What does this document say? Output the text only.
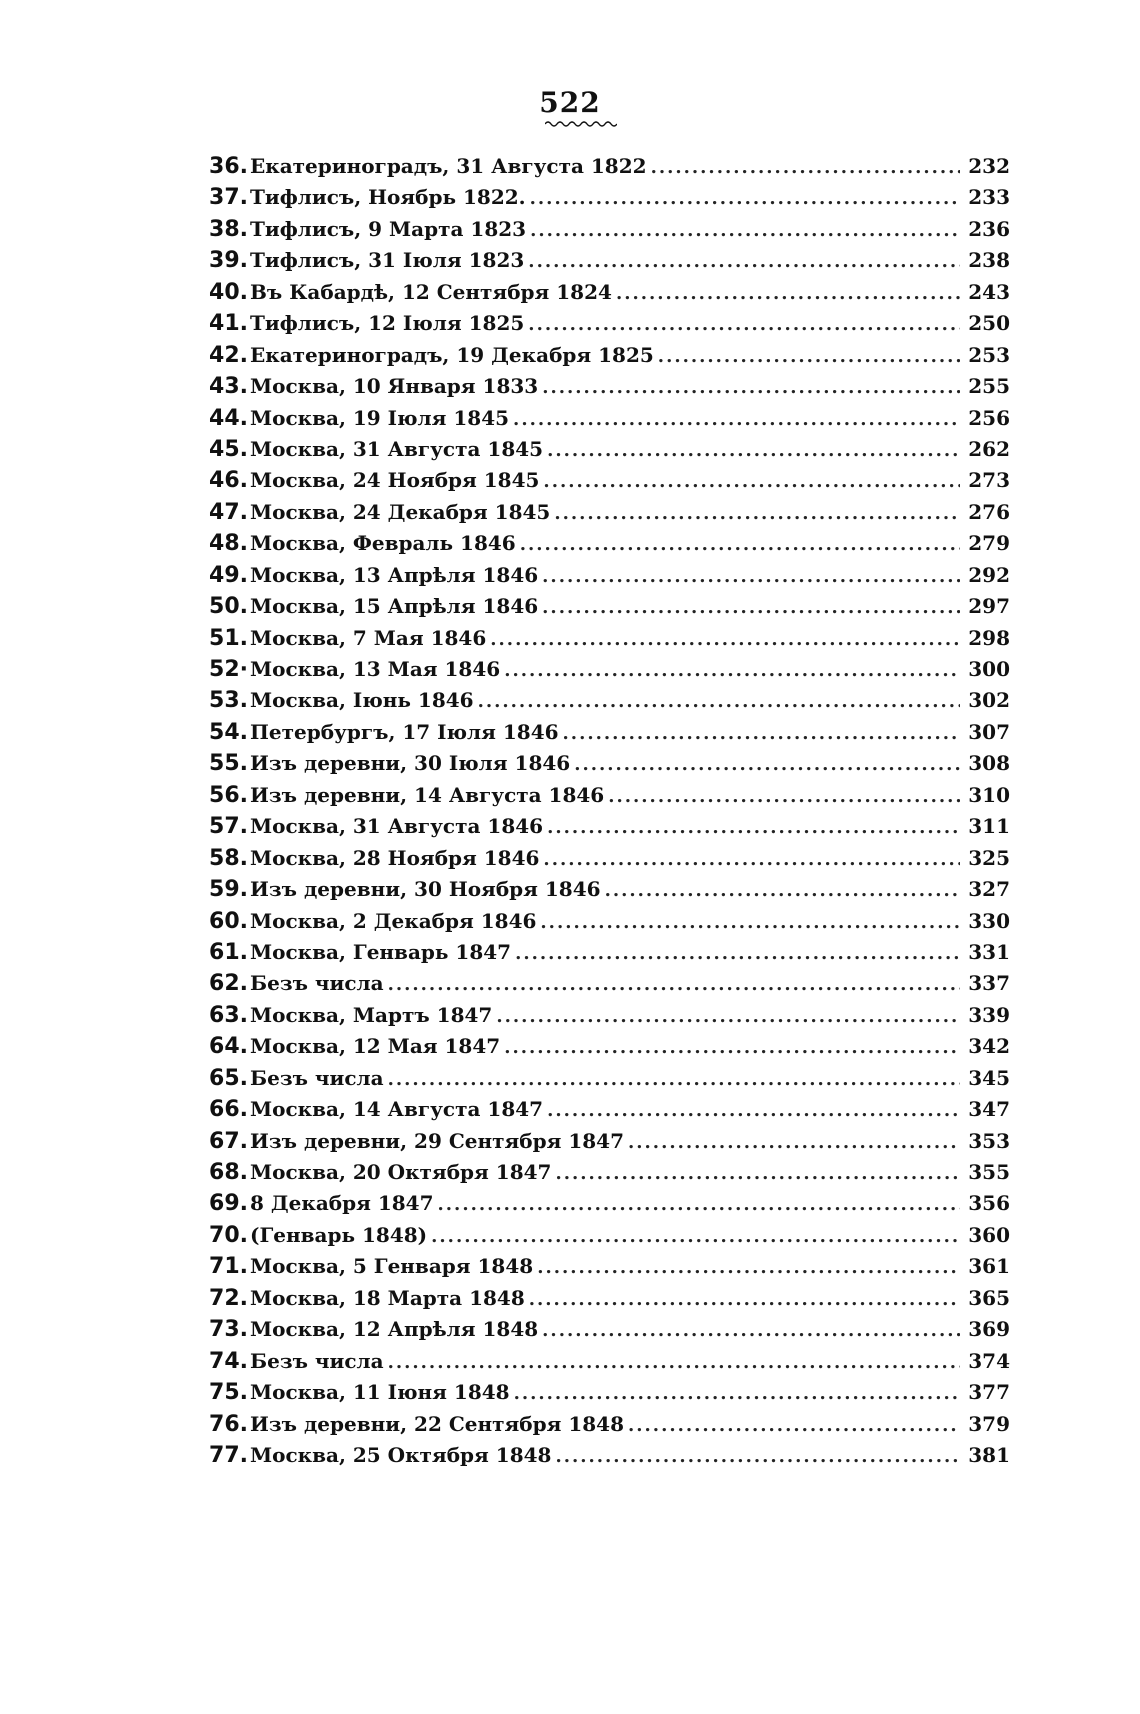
522
36. Екатериноградъ, 31 Августа 1822 .....	232
37. Тифлисъ, Ноябрь 1822. .....	233
38. Тифлисъ, 9 Марта 1823 .....	236
39. Тифлисъ, 31 Іюля 1823 .....	238
40. Въ Кабардѣ, 12 Сентября 1824 .....	243
41. Тифлисъ, 12 Іюля 1825 .....	250
42. Екатериноградъ, 19 Декабря 1825 .....	253
43. Москва, 10 Января 1833 .....	255
44. Москва, 19 Іюля 1845 .....	256
45. Москва, 31 Августа 1845 .....	262
46. Москва, 24 Ноября 1845 .....	273
47. Москва, 24 Декабря 1845 .....	276
48. Москва, Февраль 1846 .....	279
49. Москва, 13 Апрѣля 1846 .....	292
50. Москва, 15 Апрѣля 1846 .....	297
51. Москва, 7 Мая 1846 .....	298
52· Москва, 13 Мая 1846 .....	300
53. Москва, Іюнь 1846 .....	302
54. Петербургъ, 17 Іюля 1846 .....	307
55. Изъ деревни, 30 Іюля 1846 .....	308
56. Изъ деревни, 14 Августа 1846 .....	310
57. Москва, 31 Августа 1846 .....	311
58. Москва, 28 Ноября 1846 .....	325
59. Изъ деревни, 30 Ноября 1846 .....	327
60. Москва, 2 Декабря 1846 .....	330
61. Москва, Генварь 1847 .....	331
62. Безъ числа .....	337
63. Москва, Мартъ 1847 .....	339
64. Москва, 12 Мая 1847 .....	342
65. Безъ числа .....	345
66. Москва, 14 Августа 1847 .....	347
67. Изъ деревни, 29 Сентября 1847 .....	353
68. Москва, 20 Октября 1847 .....	355
69. 8 Декабря 1847 .....	356
70. (Генварь 1848) .....	360
71. Москва, 5 Генваря 1848 .....	361
72. Москва, 18 Марта 1848 .....	365
73. Москва, 12 Апрѣля 1848 .....	369
74. Безъ числа .....	374
75. Москва, 11 Іюня 1848 .....	377
76. Изъ деревни, 22 Сентября 1848 .....	379
77. Москва, 25 Октября 1848 .....	381
